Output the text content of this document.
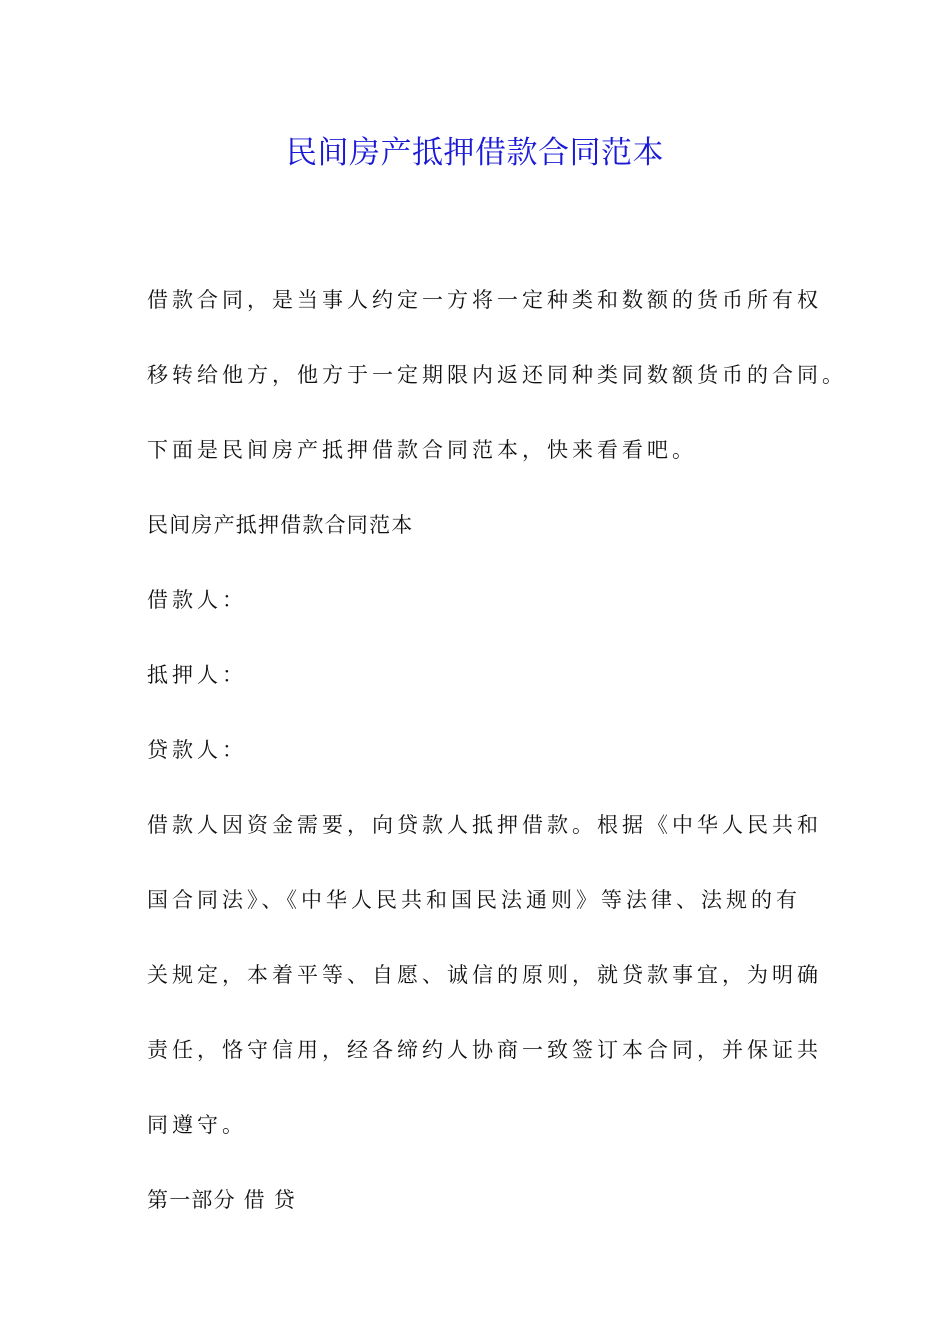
民间房产抵押借款合同范本
借款合同，是当事人约定一方将一定种类和数额的货币所有权
移转给他方，他方于一定期限内返还同种类同数额货币的合同。
下面是民间房产抵押借款合同范本，快来看看吧。
民间房产抵押借款合同范本
借款人：
抵押人：
贷款人：
借款人因资金需要，向贷款人抵押借款。根据《中华人民共和
国合同法》、《中华人民共和国民法通则》等法律、法规的有
关规定，本着平等、自愿、诚信的原则，就贷款事宜，为明确
责任，恪守信用，经各缔约人协商一致签订本合同，并保证共
同遵守。
第一部分 借 贷
